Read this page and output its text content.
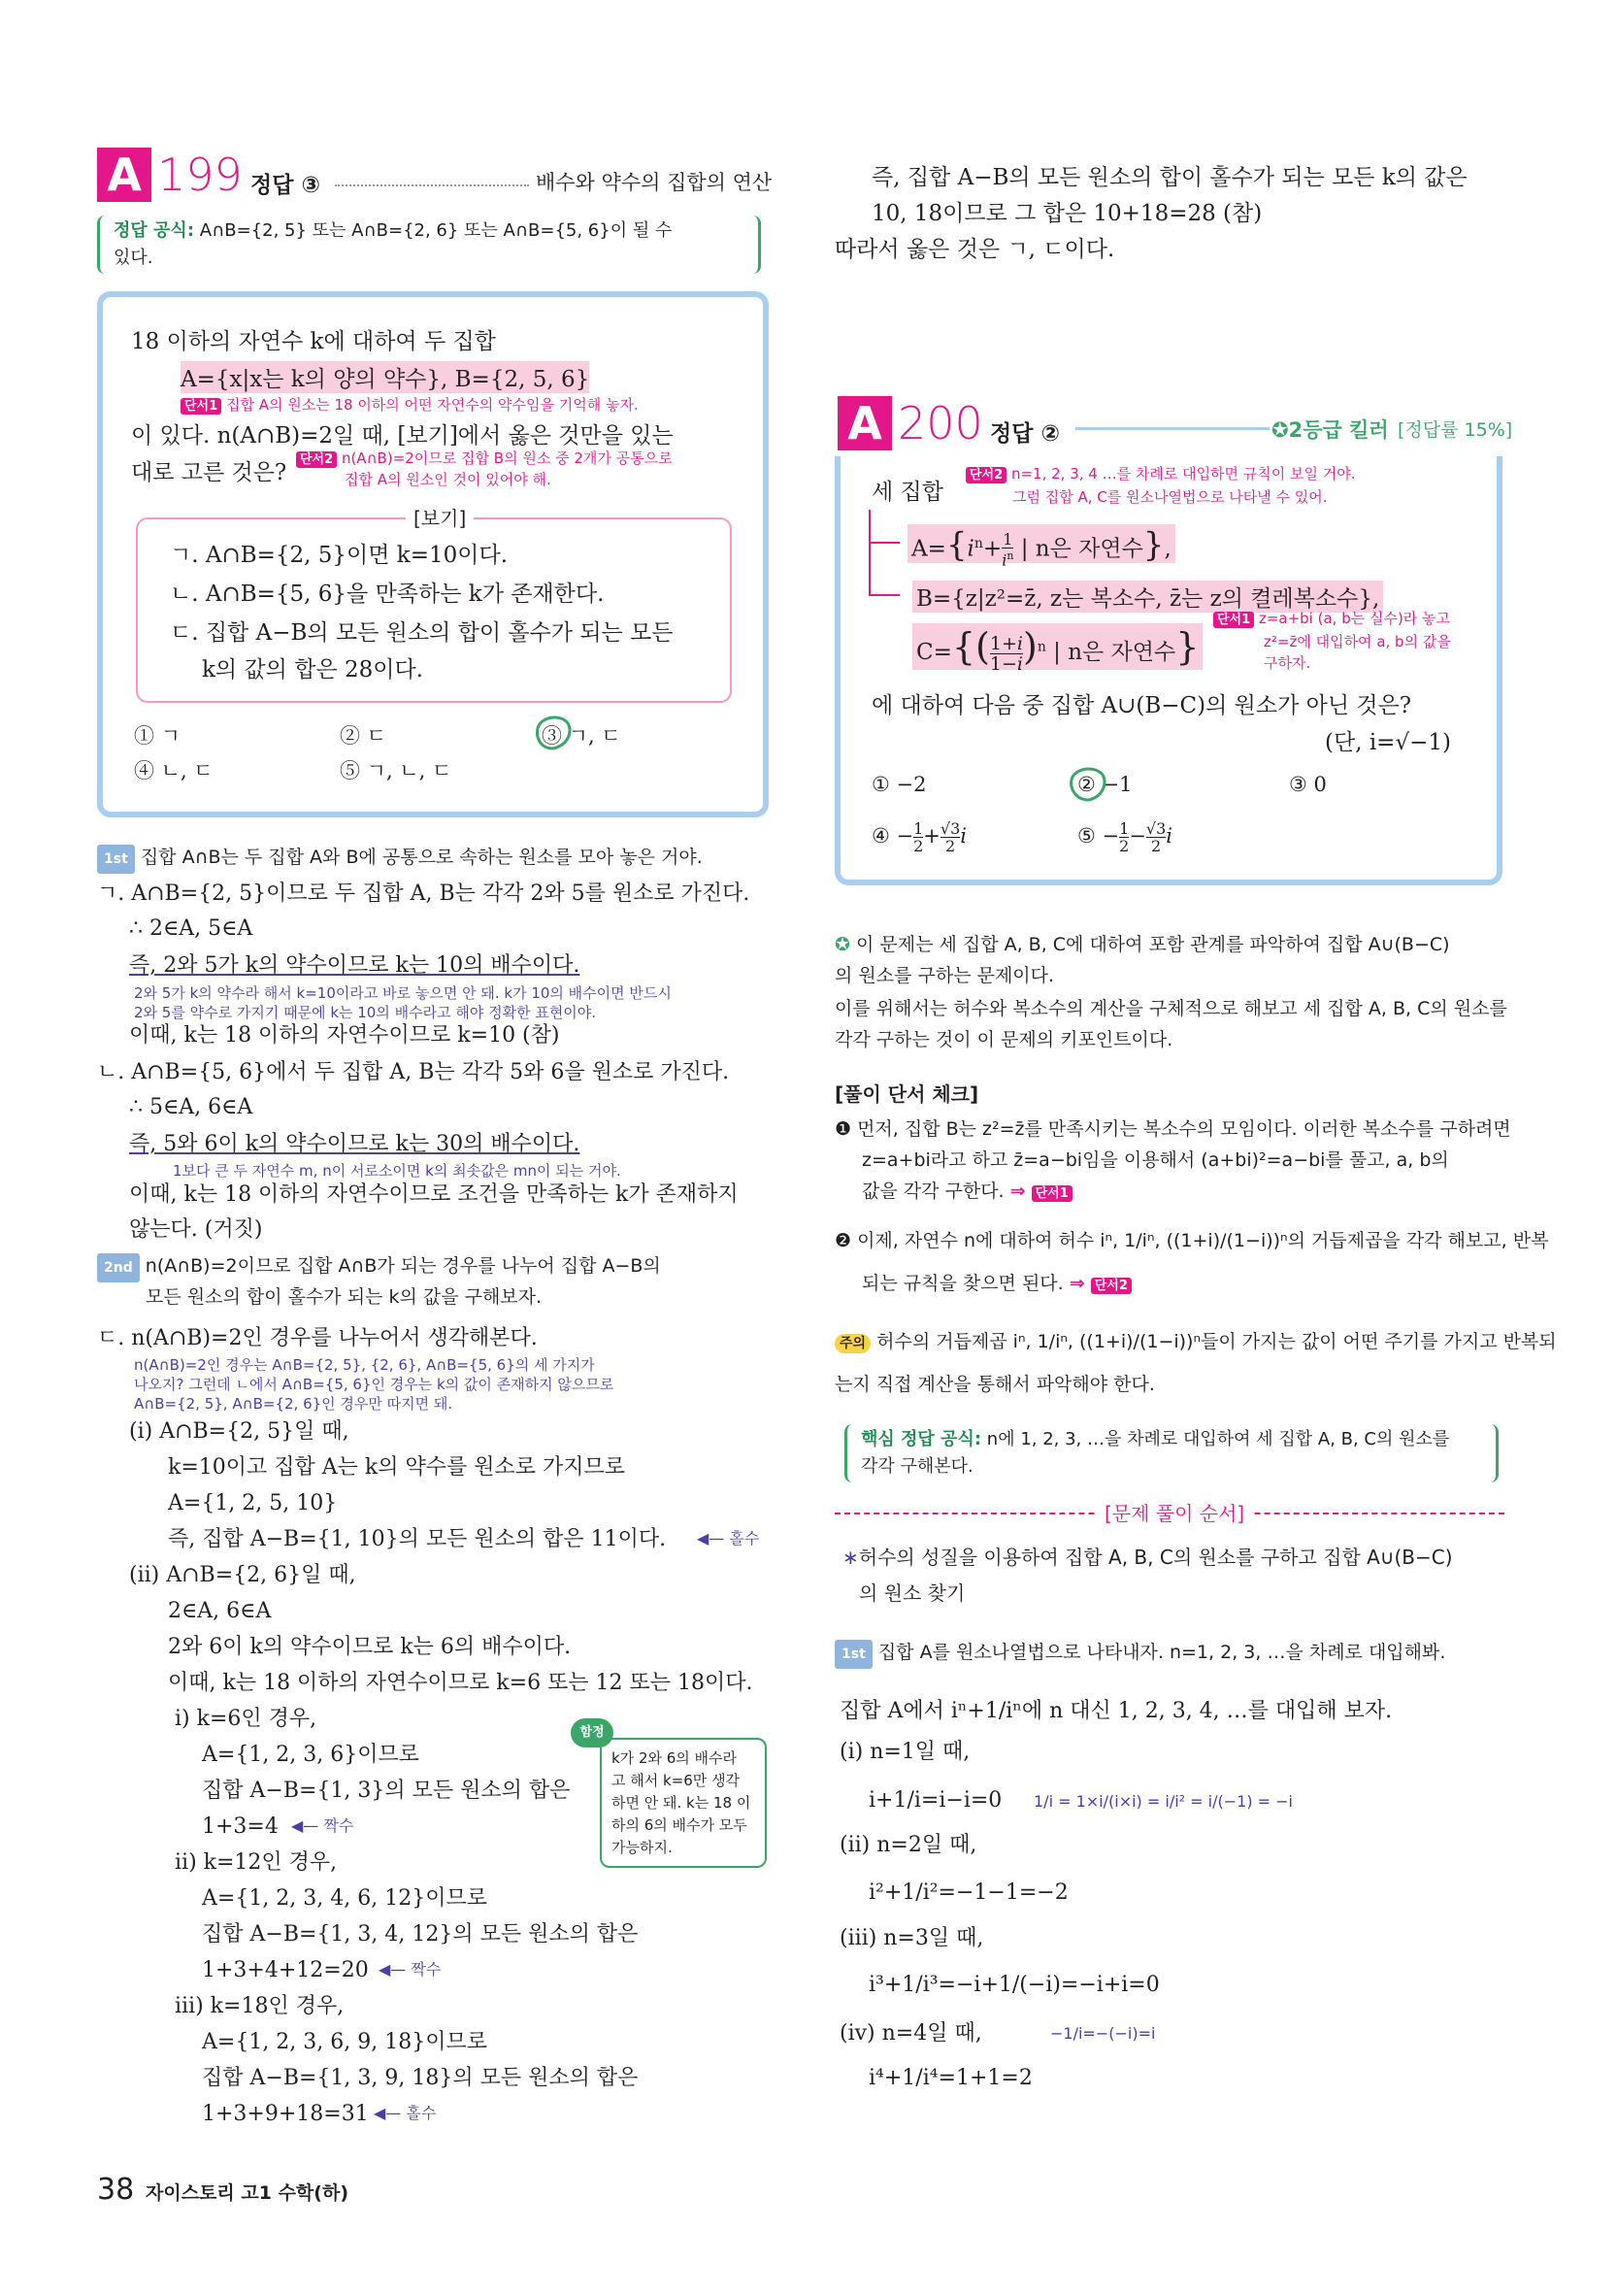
A 199 정답 ③	배수와 약수의 집합의 연산
정답 공식: A∩B={2, 5} 또는 A∩B={2, 6} 또는 A∩B={5, 6}이 될 수
있다.
18 이하의 자연수 k에 대하여 두 집합
A={x|x는 k의 양의 약수}, B={2, 5, 6}
단서1 집합 A의 원소는 18 이하의 어떤 자연수의 약수임을 기억해 놓자.
이 있다. n(A∩B)=2일 때, [보기]에서 옳은 것만을 있는
대로 고른 것은?
단서2 n(A∩B)=2이므로 집합 B의 원소 중 2개가 공통으로
집합 A의 원소인 것이 있어야 해.
[보기]
ㄱ. A∩B={2, 5}이면 k=10이다.
ㄴ. A∩B={5, 6}을 만족하는 k가 존재한다.
ㄷ. 집합 A−B의 모든 원소의 합이 홀수가 되는 모든
k의 값의 합은 28이다.
① ㄱ	② ㄷ	③ ㄱ, ㄷ
④ ㄴ, ㄷ	⑤ ㄱ, ㄴ, ㄷ
1st 집합 A∩B는 두 집합 A와 B에 공통으로 속하는 원소를 모아 놓은 거야.
ㄱ. A∩B={2, 5}이므로 두 집합 A, B는 각각 2와 5를 원소로 가진다.
∴ 2∈A, 5∈A
즉, 2와 5가 k의 약수이므로 k는 10의 배수이다.
2와 5가 k의 약수라 해서 k=10이라고 바로 놓으면 안 돼. k가 10의 배수이면 반드시
2와 5를 약수로 가지기 때문에 k는 10의 배수라고 해야 정확한 표현이야.
이때, k는 18 이하의 자연수이므로 k=10 (참)
ㄴ. A∩B={5, 6}에서 두 집합 A, B는 각각 5와 6을 원소로 가진다.
∴ 5∈A, 6∈A
즉, 5와 6이 k의 약수이므로 k는 30의 배수이다.
1보다 큰 두 자연수 m, n이 서로소이면 k의 최솟값은 mn이 되는 거야.
이때, k는 18 이하의 자연수이므로 조건을 만족하는 k가 존재하지
않는다. (거짓)
2nd n(A∩B)=2이므로 집합 A∩B가 되는 경우를 나누어 집합 A−B의
모든 원소의 합이 홀수가 되는 k의 값을 구해보자.
ㄷ. n(A∩B)=2인 경우를 나누어서 생각해본다.
n(A∩B)=2인 경우는 A∩B={2, 5}, {2, 6}, A∩B={5, 6}의 세 가지가
나오지? 그런데 ㄴ에서 A∩B={5, 6}인 경우는 k의 값이 존재하지 않으므로
A∩B={2, 5}, A∩B={2, 6}인 경우만 따지면 돼.
(ⅰ) A∩B={2, 5}일 때,
k=10이고 집합 A는 k의 약수를 원소로 가지므로
A={1, 2, 5, 10}
즉, 집합 A−B={1, 10}의 모든 원소의 합은 11이다. ◀— 홀수
(ⅱ) A∩B={2, 6}일 때,
2∈A, 6∈A
2와 6이 k의 약수이므로 k는 6의 배수이다.
이때, k는 18 이하의 자연수이므로 k=6 또는 12 또는 18이다.
ⅰ) k=6인 경우,
A={1, 2, 3, 6}이므로
집합 A−B={1, 3}의 모든 원소의 합은
1+3=4 ◀— 짝수
ⅱ) k=12인 경우,
A={1, 2, 3, 4, 6, 12}이므로
집합 A−B={1, 3, 4, 12}의 모든 원소의 합은
1+3+4+12=20 ◀— 짝수
ⅲ) k=18인 경우,
A={1, 2, 3, 6, 9, 18}이므로
집합 A−B={1, 3, 9, 18}의 모든 원소의 합은
1+3+9+18=31 ◀— 홀수
함정
k가 2와 6의 배수라
고 해서 k=6만 생각
하면 안 돼. k는 18 이
하의 6의 배수가 모두
가능하지.
38 자이스토리 고1 수학(하)
즉, 집합 A−B의 모든 원소의 합이 홀수가 되는 모든 k의 값은
10, 18이므로 그 합은 10+18=28 (참)
따라서 옳은 것은 ㄱ, ㄷ이다.
A 200 정답 ②	✪2등급 킬러 [정답률 15%]
세 집합
단서2 n=1, 2, 3, 4 …를 차례로 대입하면 규칙이 보일 거야.
그럼 집합 A, C를 원소나열법으로 나타낼 수 있어.
$A=\{i^n+ \frac{1}{i^n}$ | n은 자연수},
B={z|z²=z̄, z는 복소수, z̄는 z의 켤레복소수},
$C=\{( \frac{1+i}{1-i} )^n$ | n은 자연수}
단서1 z=a+bi (a, b는 실수)라 놓고
z²=z̄에 대입하여 a, b의 값을
구하자.
에 대하여 다음 중 집합 A∪(B−C)의 원소가 아닌 것은?
(단, i=√−1)
① −2	② −1	③ 0
④ − $\frac{1}{2} + \frac{√3}{2}$ i	⑤ − $\frac{1}{2} - \frac{√3}{2}$ i
✪ 이 문제는 세 집합 A, B, C에 대하여 포함 관계를 파악하여 집합 A∪(B−C)
의 원소를 구하는 문제이다.
이를 위해서는 허수와 복소수의 계산을 구체적으로 해보고 세 집합 A, B, C의 원소를
각각 구하는 것이 이 문제의 키포인트이다.
[풀이 단서 체크]
❶ 먼저, 집합 B는 z²=z̄를 만족시키는 복소수의 모임이다. 이러한 복소수를 구하려면
z=a+bi라고 하고 z̄=a−bi임을 이용해서 (a+bi)²=a−bi를 풀고, a, b의
값을 각각 구한다. ⇒ 단서1
❷ 이제, 자연수 n에 대하여 허수 iⁿ, 1/iⁿ, ((1+i)/(1−i))ⁿ의 거듭제곱을 각각 해보고, 반복
되는 규칙을 찾으면 된다. ⇒ 단서2
주의 허수의 거듭제곱 iⁿ, 1/iⁿ, ((1+i)/(1−i))ⁿ들이 가지는 값이 어떤 주기를 가지고 반복되
는지 직접 계산을 통해서 파악해야 한다.
핵심 정답 공식: n에 1, 2, 3, …을 차례로 대입하여 세 집합 A, B, C의 원소를
각각 구해본다.
[문제 풀이 순서]
∗허수의 성질을 이용하여 집합 A, B, C의 원소를 구하고 집합 A∪(B−C)
의 원소 찾기
1st 집합 A를 원소나열법으로 나타내자. n=1, 2, 3, …을 차례로 대입해봐.
집합 A에서 iⁿ+1/iⁿ에 n 대신 1, 2, 3, 4, …를 대입해 보자.
(ⅰ) n=1일 때,
i+1/i=i−i=0 1/i = 1×i/(i×i) = i/i² = i/(−1) = −i
(ⅱ) n=2일 때,
i²+1/i²=−1−1=−2
(ⅲ) n=3일 때,
i³+1/i³=−i+1/(−i)=−i+i=0
(ⅳ) n=4일 때,	−1/i=−(−i)=i
i⁴+1/i⁴=1+1=2
